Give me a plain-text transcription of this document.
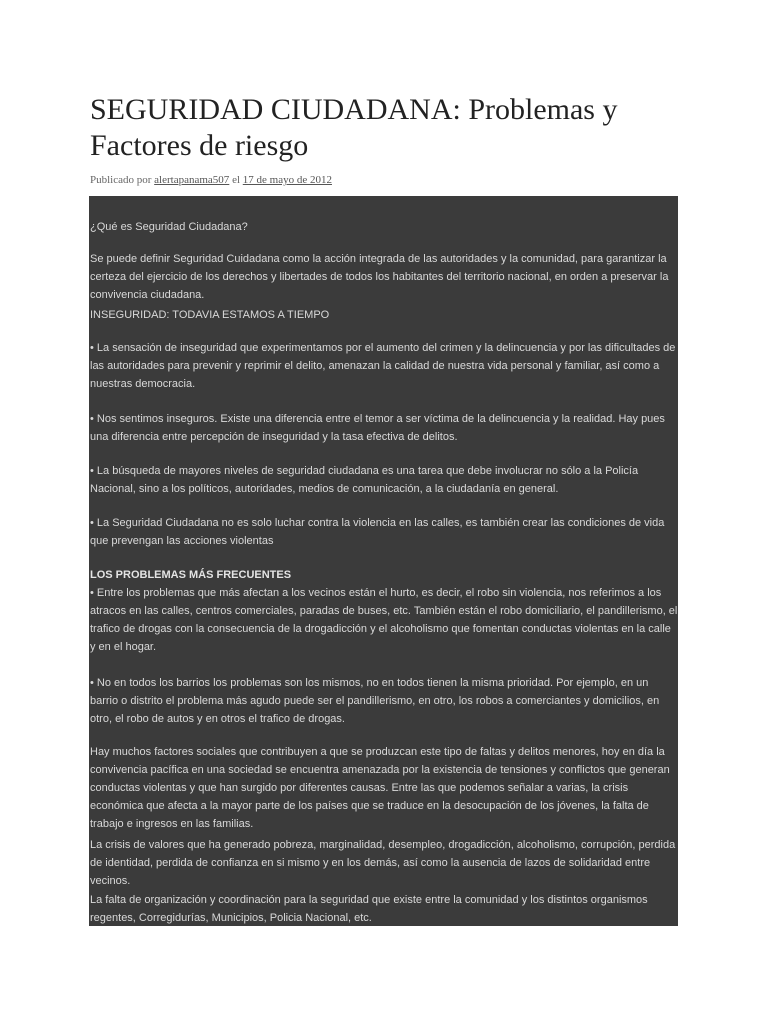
SEGURIDAD CIUDADANA: Problemas y Factores de riesgo
Publicado por alertapanama507 el 17 de mayo de 2012

¿Qué es Seguridad Ciudadana?

Se puede definir Seguridad Cuidadana como la acción integrada de las autoridades y la comunidad, para garantizar la certeza del ejercicio de los derechos y libertades de todos los habitantes del territorio nacional, en orden a preservar la convivencia ciudadana.

INSEGURIDAD: TODAVIA ESTAMOS A TIEMPO

• La sensación de inseguridad que experimentamos por el aumento del crimen y la delincuencia y por las dificultades de las autoridades para prevenir y reprimir el delito, amenazan la calidad de nuestra vida personal y familiar, así como a nuestras democracia.

• Nos sentimos inseguros. Existe una diferencia entre el temor a ser víctima de la delincuencia y la realidad. Hay pues una diferencia entre percepción de inseguridad y la tasa efectiva de delitos.

• La búsqueda de mayores niveles de seguridad ciudadana es una tarea que debe involucrar no sólo a la Policía Nacional, sino a los políticos, autoridades, medios de comunicación, a la ciudadanía en general.

• La Seguridad Ciudadana no es solo luchar contra la violencia en las calles, es también crear las condiciones de vida que prevengan las acciones violentas

LOS PROBLEMAS MÁS FRECUENTES

• Entre los problemas que más afectan a los vecinos están el hurto, es decir, el robo sin violencia, nos referimos a los atracos en las calles, centros comerciales, paradas de buses, etc. También están el robo domiciliario, el pandillerismo, el trafico de drogas con la consecuencia de la drogadicción y el alcoholismo que fomentan conductas violentas en la calle y en el hogar.

• No en todos los barrios los problemas son los mismos, no en todos tienen la misma prioridad. Por ejemplo, en un barrio o distrito el problema más agudo puede ser el pandillerismo, en otro, los robos a comerciantes y domicilios, en otro, el robo de autos y en otros el trafico de drogas.

Hay muchos factores sociales que contribuyen a que se produzcan este tipo de faltas y delitos menores, hoy en día la convivencia pacífica en una sociedad se encuentra amenazada por la existencia de tensiones y conflictos que generan conductas violentas y que han surgido por diferentes causas. Entre las que podemos señalar a varias, la crisis económica que afecta a la mayor parte de los países que se traduce en la desocupación de los jóvenes, la falta de trabajo e ingresos en las familias.

La crisis de valores que ha generado pobreza, marginalidad, desempleo, drogadicción, alcoholismo, corrupción, perdida de identidad, perdida de confianza en si mismo y en los demás, así como la ausencia de lazos de solidaridad entre vecinos.

La falta de organización y coordinación para la seguridad que existe entre la comunidad y los distintos organismos regentes, Corregidurías, Municipios, Policia Nacional, etc.
